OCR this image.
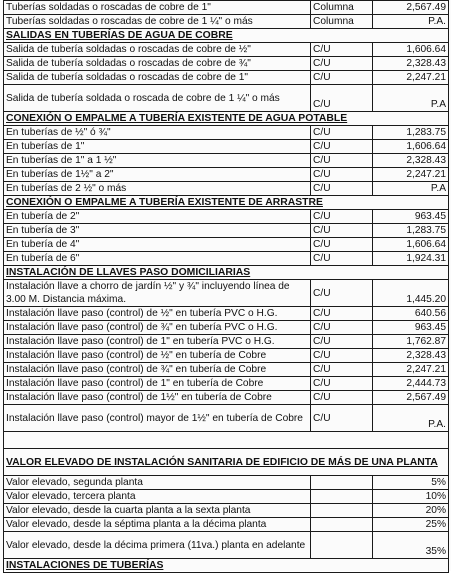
Tuberías soldadas o roscadas de cobre de 1"	Columna	2,567.49
Tuberías soldadas o roscadas de cobre de 1 ¼" o más	Columna	P.A.
SALIDAS EN TUBERÍAS DE AGUA DE COBRE		
Salida de tubería soldadas o roscadas de cobre de ½"	C/U	1,606.64
Salida de tubería soldadas o roscadas de cobre de ¾"	C/U	2,328.43
Salida de tubería soldadas o roscadas de cobre de 1"	C/U	2,247.21
Salida de tubería soldada o roscada de cobre de 1 ¼" o más	C/U	P.A
CONEXIÓN O EMPALME A TUBERÍA EXISTENTE DE AGUA POTABLE		
En tuberías de ½" ó ¾"	C/U	1,283.75
En tuberías de 1"	C/U	1,606.64
En tuberías de 1" a 1 ½"	C/U	2,328.43
En tuberías de 1½" a 2"	C/U	2,247.21
En tuberías de 2 ½" o más	C/U	P.A
CONEXIÓN O EMPALME A TUBERÍA EXISTENTE DE ARRASTRE		
En tubería de 2"	C/U	963.45
En tubería de 3"	C/U	1,283.75
En tubería de 4"	C/U	1,606.64
En tubería de 6"	C/U	1,924.31
INSTALACIÓN DE LLAVES PASO DOMICILIARIAS		
Instalación llave a chorro de jardín ½" y ¾" incluyendo línea de 3.00 M. Distancia máxima.	C/U	1,445.20
Instalación llave paso (control) de ½" en tubería PVC o H.G.	C/U	640.56
Instalación llave paso (control) de ¾" en tubería PVC o H.G.	C/U	963.45
Instalación llave paso (control) de 1" en tubería PVC o H.G.	C/U	1,762.87
Instalación llave paso (control) de ½" en tubería de Cobre	C/U	2,328.43
Instalación llave paso (control) de ¾" en tubería de Cobre	C/U	2,247.21
Instalación llave paso (control) de 1" en tubería de Cobre	C/U	2,444.73
Instalación llave paso (control) de 1½" en tubería de Cobre	C/U	2,567.49
Instalación llave paso (control) mayor de 1½" en tubería de Cobre	C/U	P.A.

VALOR ELEVADO DE INSTALACIÓN SANITARIA DE EDIFICIO DE MÁS DE UNA PLANTA		
Valor elevado, segunda planta		5%
Valor elevado, tercera planta		10%
Valor elevado, desde la cuarta planta a la sexta planta		20%
Valor elevado, desde la séptima planta a la décima planta		25%
Valor elevado, desde la décima primera (11va.) planta en adelante		35%
INSTALACIONES DE TUBERÍAS		
